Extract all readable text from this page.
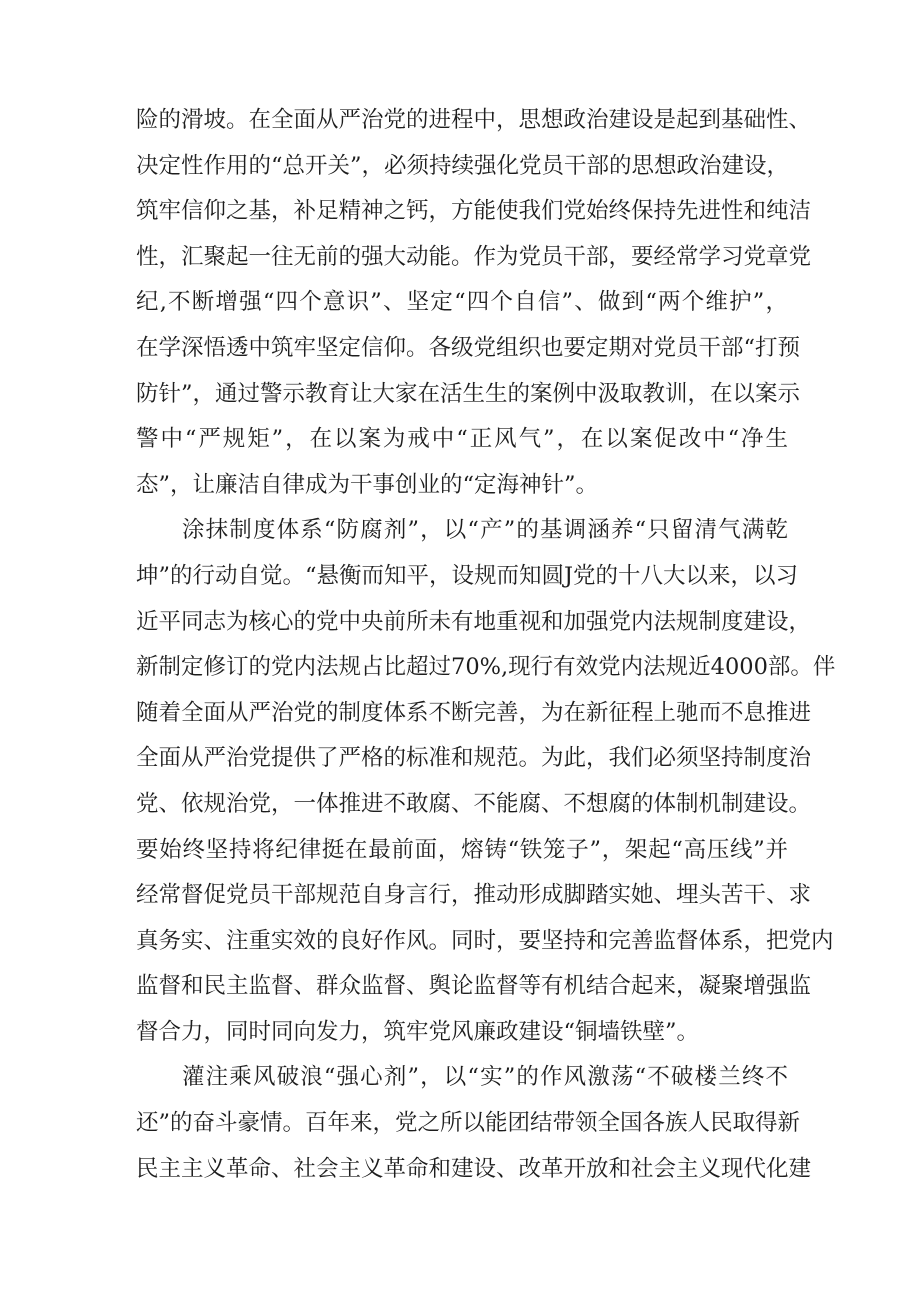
险的滑坡。在全面从严治党的进程中，思想政治建设是起到基础性、
决定性作用的“总开关”，必须持续强化党员干部的思想政治建设，
筑牢信仰之基，补足精神之钙，方能使我们党始终保持先进性和纯洁
性，汇聚起一往无前的强大动能。作为党员干部，要经常学习党章党
纪,不断增强“四个意识”、坚定“四个自信”、做到“两个维护”，
在学深悟透中筑牢坚定信仰。各级党组织也要定期对党员干部“打预
防针”，通过警示教育让大家在活生生的案例中汲取教训，在以案示
警中“严规矩”，在以案为戒中“正风气”，在以案促改中“净生
态”，让廉洁自律成为干事创业的“定海神针”。
涂抹制度体系“防腐剂”，以“产”的基调涵养“只留清气满乾
坤”的行动自觉。“悬衡而知平，设规而知圆J党的十八大以来，以习
近平同志为核心的党中央前所未有地重视和加强党内法规制度建设，
新制定修订的党内法规占比超过70%,现行有效党内法规近4000部。伴
随着全面从严治党的制度体系不断完善，为在新征程上驰而不息推进
全面从严治党提供了严格的标准和规范。为此，我们必须坚持制度治
党、依规治党，一体推进不敢腐、不能腐、不想腐的体制机制建设。
要始终坚持将纪律挺在最前面，熔铸“铁笼子”，架起“高压线”并
经常督促党员干部规范自身言行，推动形成脚踏实她、埋头苦干、求
真务实、注重实效的良好作风。同时，要坚持和完善监督体系，把党内
监督和民主监督、群众监督、舆论监督等有机结合起来，凝聚增强监
督合力，同时同向发力，筑牢党风廉政建设“铜墙铁壁”。
灌注乘风破浪“强心剂”，以“实”的作风激荡“不破楼兰终不
还”的奋斗豪情。百年来，党之所以能团结带领全国各族人民取得新
民主主义革命、社会主义革命和建设、改革开放和社会主义现代化建
